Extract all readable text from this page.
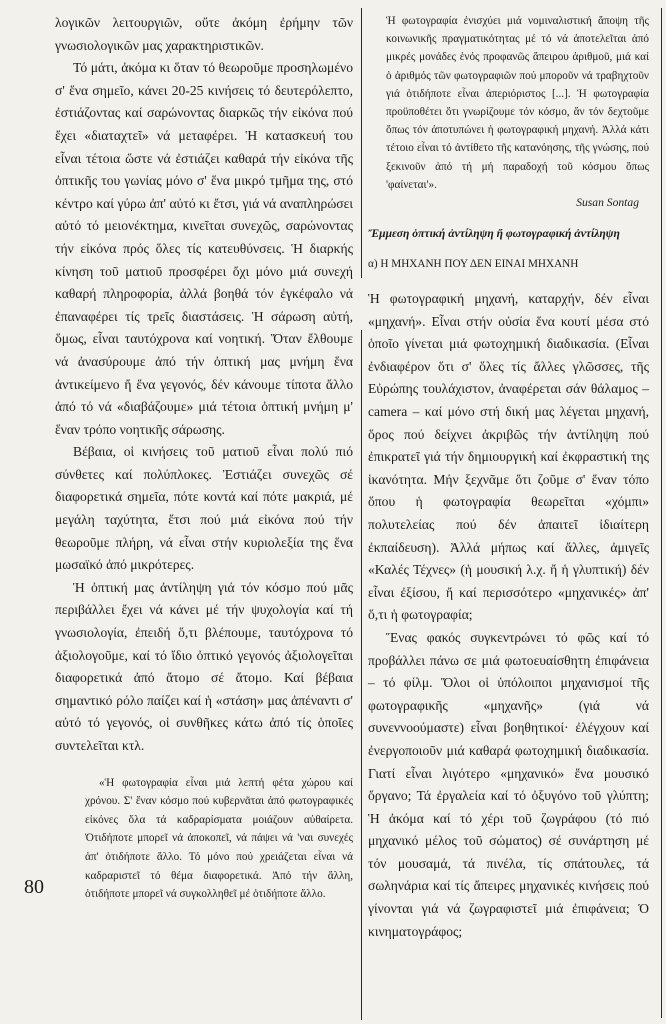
λογικῶν λειτουργιῶν, οὔτε ἀκόμη ἐρήμην τῶν γνωσιολογικῶν μας χαρακτηριστικῶν.

Τό μάτι, ἀκόμα κι ὅταν τό θεωροῦμε προσηλωμένο σ' ἕνα σημεῖο, κάνει 20-25 κινήσεις τό δευτερόλεπτο, ἐστιάζοντας καί σαρώνοντας διαρκῶς τήν εἰκόνα πού ἔχει «διαταχτεῖ» νά μεταφέρει. Ἡ κατασκευή του εἶναι τέτοια ὥστε νά ἐστιάζει καθαρά τήν εἰκόνα τῆς ὀπτικῆς του γωνίας μόνο σ' ἕνα μικρό τμῆμα της, στό κέντρο καί γύρω ἀπ' αὐτό κι ἔτσι, γιά νά αναπληρώσει αὐτό τό μειονέκτημα, κινεῖται συνεχῶς, σαρώνοντας τήν εἰκόνα πρός ὅλες τίς κατευθύνσεις. Ἡ διαρκής κίνηση τοῦ ματιοῦ προσφέρει ὄχι μόνο μιά συνεχή καθαρή πληροφορία, ἀλλά βοηθά τόν ἐγκέφαλο νά ἐπαναφέρει τίς τρεῖς διαστάσεις. Ἡ σάρωση αὐτή, ὅμως, εἶναι ταυτόχρονα καί νοητική. Ὅταν ἔλθουμε νά ἀνασύρουμε ἀπό τήν ὀπτική μας μνήμη ἕνα ἀντικείμενο ἤ ἕνα γεγονός, δέν κάνουμε τίποτα ἄλλο ἀπό τό νά «διαβάζουμε» μιά τέτοια ὀπτική μνήμη μ' ἕναν τρόπο νοητικῆς σάρωσης.

Βέβαια, οἱ κινήσεις τοῦ ματιοῦ εἶναι πολύ πιό σύνθετες καί πολύπλοκες. Ἐστιάζει συνεχῶς σέ διαφορετικά σημεῖα, πότε κοντά καί πότε μακριά, μέ μεγάλη ταχύτητα, ἔτσι πού μιά εἰκόνα πού τήν θεωροῦμε πλήρη, νά εἶναι στήν κυριολεξία της ἕνα μωσαϊκό ἀπό μικρότερες.

Ἡ ὀπτική μας ἀντίληψη γιά τόν κόσμο πού μᾶς περιβάλλει ἔχει νά κάνει μέ τήν ψυχολογία καί τή γνωσιολογία, ἐπειδή ὅ,τι βλέπουμε, ταυτόχρονα τό ἀξιολογοῦμε, καί τό ἴδιο ὀπτικό γεγονός ἀξιολογεῖται διαφορετικά ἀπό ἄτομο σέ ἄτομο. Καί βέβαια σημαντικό ρόλο παίζει καί ἡ «στάση» μας ἀπέναντι σ' αὐτό τό γεγονός, οἱ συνθῆκες κάτω ἀπό τίς ὁποῖες συντελεῖται κτλ.

«Ἡ φωτογραφία εἶναι μιά λεπτή φέτα χώρου καί χρόνου. Σ' ἕναν κόσμο πού κυβερνᾶται ἀπό φωτογραφικές εἰκόνες ὅλα τά καδραρίσματα μοιάζουν αὐθαίρετα. Ὁτιδήποτε μπορεῖ νά ἀποκοπεῖ, νά πάψει νά 'ναι συνεχές ἀπ' ὁτιδήποτε ἄλλο. Τό μόνο πού χρειάζεται εἶναι νά καδραριστεῖ τό θέμα διαφορετικά. Ἀπό τήν ἄλλη, ὁτιδήποτε μπορεῖ νά συγκολληθεῖ μέ ὁτιδήποτε ἄλλο.

80

Ἡ φωτογραφία ἐνισχύει μιά νομιναλιστική ἄποψη τῆς κοινωνικῆς πραγματικότητας μέ τό νά ἀποτελεῖται ἀπό μικρές μονάδες ἑνός προφανῶς ἄπειρου ἀριθμοῦ, μιά καί ὁ ἀριθμός τῶν φωτογραφιῶν πού μποροῦν νά τραβηχτοῦν γιά ὁτιδήποτε εἶναι ἀπεριόριστος [...]. Ἡ φωτογραφία προϋποθέτει ὅτι γνωρίζουμε τόν κόσμο, ἄν τόν δεχτοῦμε ὅπως τόν ἀποτυπώνει ἡ φωτογραφική μηχανή. Ἀλλά κάτι τέτοιο εἶναι τό ἀντίθετο τῆς κατανόησης, τῆς γνώσης, πού ξεκινοῦν ἀπό τή μή παραδοχή τοῦ κόσμου ὅπως 'φαίνεται'».

Susan Sontag
Ἔμμεση ὀπτική ἀντίληψη ἤ φωτογραφική ἀντίληψη
α) Η ΜΗΧΑΝΗ ΠΟΥ ΔΕΝ ΕΙΝΑΙ ΜΗΧΑΝΗ

Ἡ φωτογραφική μηχανή, καταρχήν, δέν εἶναι «μηχανή». Εἶναι στήν οὐσία ἕνα κουτί μέσα στό ὁποῖο γίνεται μιά φωτοχημική διαδικασία. (Εἶναι ἐνδιαφέρον ὅτι σ' ὅλες τίς ἄλλες γλῶσσες, τῆς Εὐρώπης τουλάχιστον, ἀναφέρεται σάν θάλαμος – camera – καί μόνο στή δική μας λέγεται μηχανή, ὅρος πού δείχνει ἀκριβῶς τήν ἀντίληψη πού ἐπικρατεῖ γιά τήν δημιουργική καί ἐκφραστική της ἱκανότητα. Μήν ξεχνᾶμε ὅτι ζοῦμε σ' ἕναν τόπο ὅπου ἡ φωτογραφία θεωρεῖται «χόμπι» πολυτελείας πού δέν ἀπαιτεῖ ἰδιαίτερη ἐκπαίδευση). Ἀλλά μήπως καί ἄλλες, ἀμιγεῖς «Καλές Τέχνες» (ἡ μουσική λ.χ. ἤ ἡ γλυπτική) δέν εἶναι ἐξίσου, ἤ καί περισσότερο «μηχανικές» ἀπ' ὅ,τι ἡ φωτογραφία;

Ἕνας φακός συγκεντρώνει τό φῶς καί τό προβάλλει πάνω σε μιά φωτοευαίσθητη ἐπιφάνεια – τό φίλμ. Ὅλοι οἱ ὑπόλοιποι μηχανισμοί τῆς φωτογραφικῆς «μηχανῆς» (γιά νά συνεννοούμαστε) εἶναι βοηθητικοί· ἐλέγχουν καί ἐνεργοποιοῦν μιά καθαρά φωτοχημική διαδικασία. Γιατί εἶναι λιγότερο «μηχανικό» ἕνα μουσικό ὄργανο; Τά ἐργαλεία καί τό ὀξυγόνο τοῦ γλύπτη; Ἡ ἀκόμα καί τό χέρι τοῦ ζωγράφου (τό πιό μηχανικό μέλος τοῦ σώματος) σέ συνάρτηση μέ τόν μουσαμά, τά πινέλα, τίς σπάτουλες, τά σωληνάρια καί τίς ἄπειρες μηχανικές κινήσεις πού γίνονται γιά νά ζωγραφιστεῖ μιά ἐπιφάνεια; Ὁ κινηματογράφος;
